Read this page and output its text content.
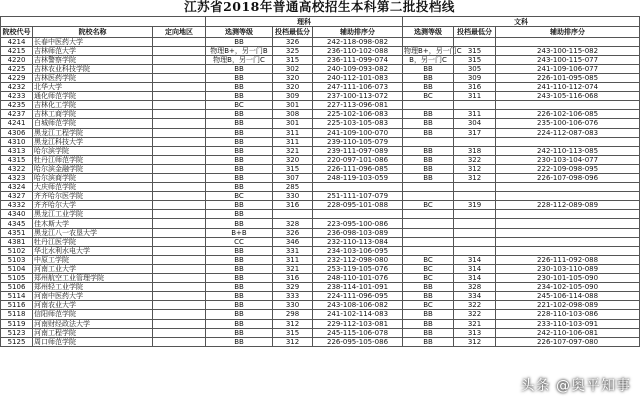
江苏省2018年普通高校招生本科第二批投档线
			理科			文科		
院校代号	院校名称	定向地区	选测等级	投档最低分	辅助排序分	选测等级	投档最低分	辅助排序分
4214	长春中医药大学		BB	326	242-118-098-082			
4215	吉林师范大学		物理B+，另一门B	325	236-110-102-088	物理B+，另一门C	315	243-100-115-082
4220	吉林警察学院		物理B，另一门C	315	236-111-099-074	B，另一门C	315	243-100-115-077
4225	吉林农业科技学院		BB	302	240-109-093-082	BB	305	241-109-106-077
4229	吉林医药学院		BB	320	240-112-101-083	BB	309	226-101-095-085
4232	北华大学		BB	320	247-111-106-073	BB	316	241-110-112-074
4233	通化师范学院		BB	309	237-100-113-072	BC	311	243-105-116-068
4235	吉林化工学院		BC	301	227-113-096-081			
4237	吉林工商学院		BB	308	225-102-106-083	BB	311	226-102-106-085
4241	白城师范学院		BB	301	225-103-105-083	BB	304	235-100-106-076
4306	黑龙江工程学院		BB	311	241-109-100-070	BB	317	224-112-087-083
4310	黑龙江科技大学		BB	311	239-110-105-079			
4313	哈尔滨学院		BB	321	239-111-097-089	BB	318	242-110-113-085
4315	牡丹江师范学院		BB	320	220-097-101-086	BB	322	230-103-104-077
4322	哈尔滨金融学院		BB	315	226-111-096-085	BB	312	222-109-098-095
4323	哈尔滨商学院		BB	307	248-119-103-059	BB	312	226-107-098-096
4324	大庆师范学院		BB	285				
4327	齐齐哈尔医学院		BC	330	251-111-107-079			
4332	齐齐哈尔大学		BB	316	228-095-101-088	BC	319	228-112-089-089
4340	黑龙江工业学院		BB					
4345	佳木斯大学		BB	328	223-095-100-086			
4351	黑龙江八一农垦大学		B+B	326	236-098-103-089			
4381	牡丹江医学院		CC	346	232-110-113-084			
5102	华北水利水电大学		BB	331	234-103-106-095			
5103	中原工学院		BB	311	232-112-098-080	BC	314	226-111-092-088
5104	河南工业大学		BB	321	253-119-105-076	BC	314	230-103-110-089
5105	郑州航空工业管理学院		BB	316	248-110-101-076	BC	314	230-101-105-090
5106	郑州轻工业学院		BB	329	238-114-101-091	BB	328	234-102-105-090
5114	河南中医药大学		BB	333	224-111-096-095	BB	334	245-106-114-088
5116	河南农业大学		BB	330	243-108-106-082	BC	322	221-102-098-089
5118	信阳师范学院		BB	298	241-102-114-083	BB	322	228-110-103-086
5119	河南财经政法大学		BB	312	229-112-103-081	BB	321	233-110-103-091
5123	河南工程学院		BB	315	245-115-106-078	BB	313	242-110-106-081
5125	周口师范学院		BB	312	226-095-105-086	BB	312	226-107-097-080
头条 @奥平知事
